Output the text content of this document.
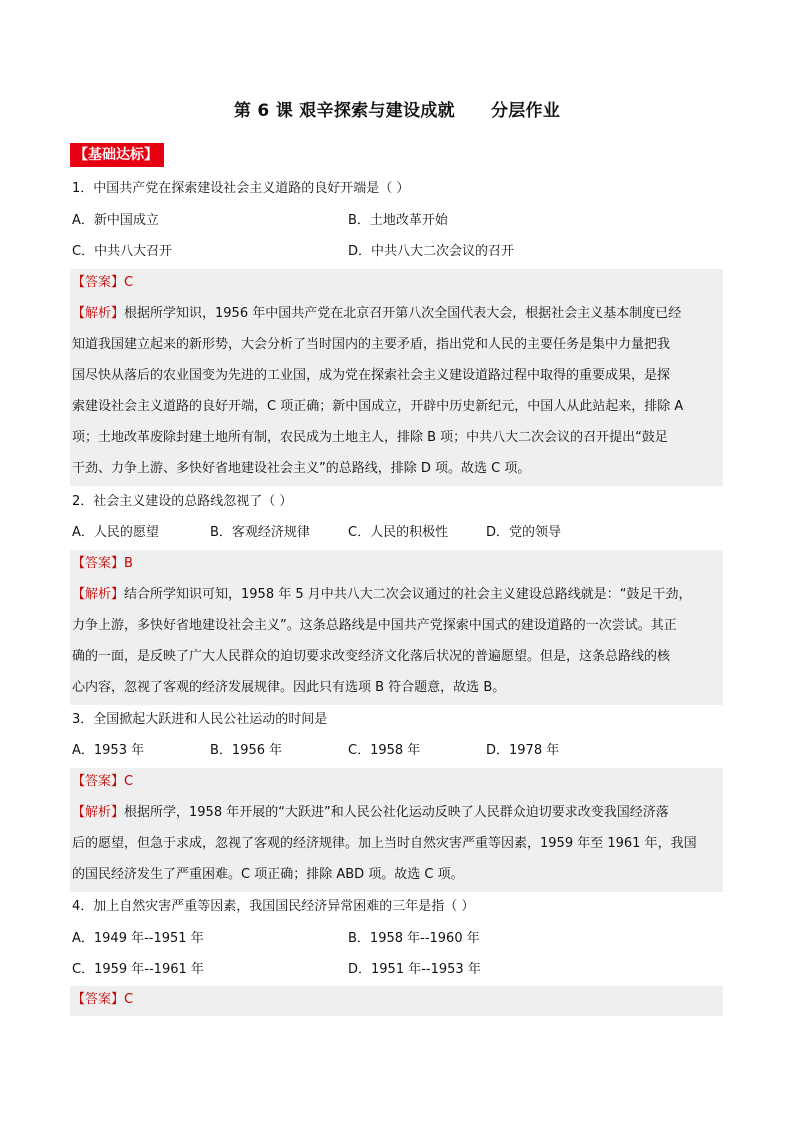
第 6 课 艰辛探索与建设成就 分层作业
【基础达标】
1．中国共产党在探索建设社会主义道路的良好开端是（ ）
A．新中国成立	B．土地改革开始
C．中共八大召开	D．中共八大二次会议的召开
【答案】C
【解析】根据所学知识，1956 年中国共产党在北京召开第八次全国代表大会，根据社会主义基本制度已经
知道我国建立起来的新形势，大会分析了当时国内的主要矛盾，指出党和人民的主要任务是集中力量把我
国尽快从落后的农业国变为先进的工业国，成为党在探索社会主义建设道路过程中取得的重要成果，是探
索建设社会主义道路的良好开端，C 项正确；新中国成立，开辟中历史新纪元，中国人从此站起来，排除 A
项；土地改革废除封建土地所有制，农民成为土地主人，排除 B 项；中共八大二次会议的召开提出“鼓足
干劲、力争上游、多快好省地建设社会主义”的总路线，排除 D 项。故选 C 项。
2．社会主义建设的总路线忽视了（ ）
A．人民的愿望	B．客观经济规律	C．人民的积极性	D．党的领导
【答案】B
【解析】结合所学知识可知，1958 年 5 月中共八大二次会议通过的社会主义建设总路线就是：“鼓足干劲，
力争上游，多快好省地建设社会主义”。这条总路线是中国共产党探索中国式的建设道路的一次尝试。其正
确的一面，是反映了广大人民群众的迫切要求改变经济文化落后状况的普遍愿望。但是，这条总路线的核
心内容，忽视了客观的经济发展规律。因此只有选项 B 符合题意，故选 B。
3．全国掀起大跃进和人民公社运动的时间是
A．1953 年	B．1956 年	C．1958 年	D．1978 年
【答案】C
【解析】根据所学，1958 年开展的“大跃进”和人民公社化运动反映了人民群众迫切要求改变我国经济落
后的愿望，但急于求成，忽视了客观的经济规律。加上当时自然灾害严重等因素，1959 年至 1961 年，我国
的国民经济发生了严重困难。C 项正确；排除 ABD 项。故选 C 项。
4．加上自然灾害严重等因素，我国国民经济异常困难的三年是指（ ）
A．1949 年--1951 年	B．1958 年--1960 年
C．1959 年--1961 年	D．1951 年--1953 年
【答案】C
